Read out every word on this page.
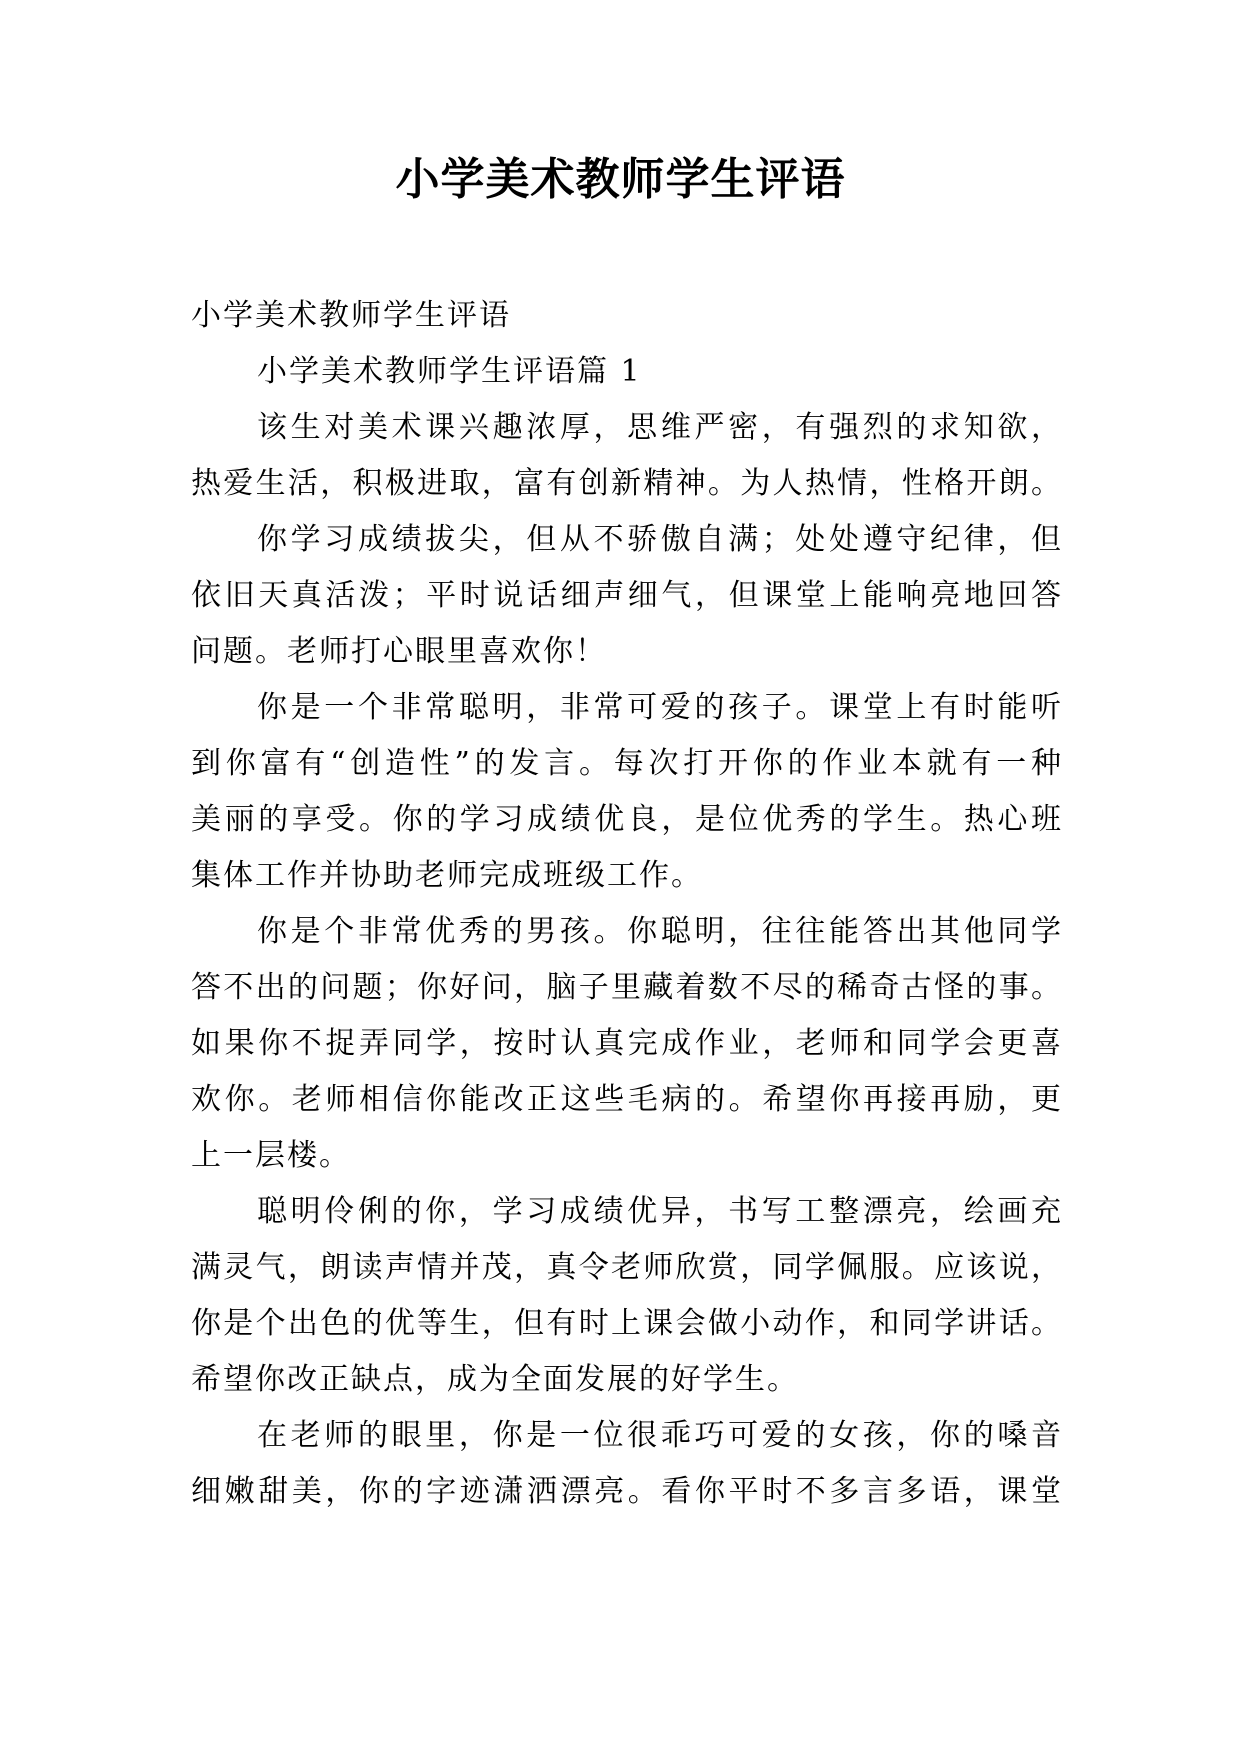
小学美术教师学生评语
小学美术教师学生评语
小学美术教师学生评语篇 1
该生对美术课兴趣浓厚，思维严密，有强烈的求知欲，
热爱生活，积极进取，富有创新精神。为人热情，性格开朗。
你学习成绩拔尖，但从不骄傲自满；处处遵守纪律，但
依旧天真活泼；平时说话细声细气，但课堂上能响亮地回答
问题。老师打心眼里喜欢你！
你是一个非常聪明，非常可爱的孩子。课堂上有时能听
到你富有“创造性”的发言。每次打开你的作业本就有一种
美丽的享受。你的学习成绩优良，是位优秀的学生。热心班
集体工作并协助老师完成班级工作。
你是个非常优秀的男孩。你聪明，往往能答出其他同学
答不出的问题；你好问，脑子里藏着数不尽的稀奇古怪的事。
如果你不捉弄同学，按时认真完成作业，老师和同学会更喜
欢你。老师相信你能改正这些毛病的。希望你再接再励，更
上一层楼。
聪明伶俐的你，学习成绩优异，书写工整漂亮，绘画充
满灵气，朗读声情并茂，真令老师欣赏，同学佩服。应该说，
你是个出色的优等生，但有时上课会做小动作，和同学讲话。
希望你改正缺点，成为全面发展的好学生。
在老师的眼里，你是一位很乖巧可爱的女孩，你的嗓音
细嫩甜美，你的字迹潇洒漂亮。看你平时不多言多语，课堂
